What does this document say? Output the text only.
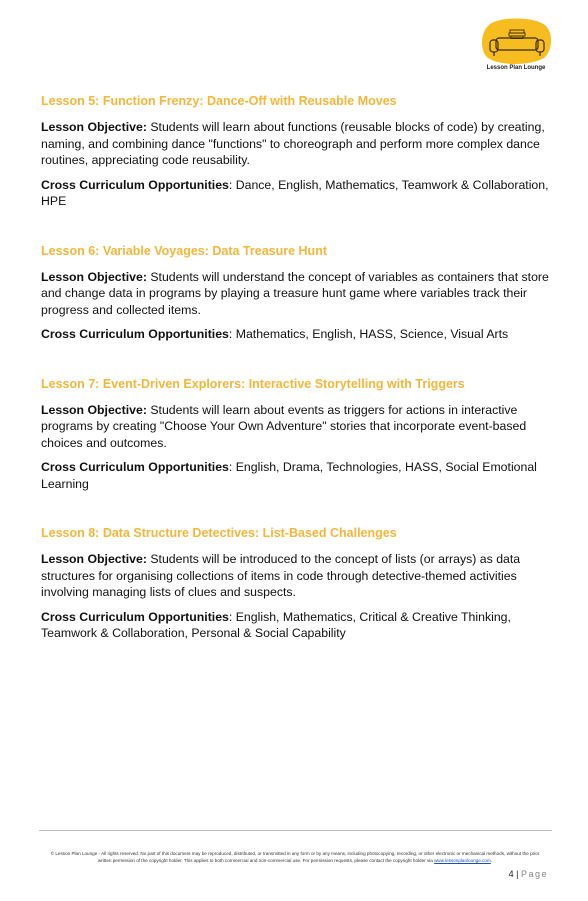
Lesson Plan Lounge
Lesson 5: Function Frenzy: Dance-Off with Reusable Moves

Lesson Objective: Students will learn about functions (reusable blocks of code) by creating, naming, and combining dance "functions" to choreograph and perform more complex dance routines, appreciating code reusability.

Cross Curriculum Opportunities: Dance, English, Mathematics, Teamwork & Collaboration, HPE

Lesson 6: Variable Voyages: Data Treasure Hunt

Lesson Objective: Students will understand the concept of variables as containers that store and change data in programs by playing a treasure hunt game where variables track their progress and collected items.

Cross Curriculum Opportunities: Mathematics, English, HASS, Science, Visual Arts

Lesson 7: Event-Driven Explorers: Interactive Storytelling with Triggers

Lesson Objective: Students will learn about events as triggers for actions in interactive programs by creating "Choose Your Own Adventure" stories that incorporate event-based choices and outcomes.

Cross Curriculum Opportunities: English, Drama, Technologies, HASS, Social Emotional Learning

Lesson 8: Data Structure Detectives: List-Based Challenges

Lesson Objective: Students will be introduced to the concept of lists (or arrays) as data structures for organising collections of items in code through detective-themed activities involving managing lists of clues and suspects.

Cross Curriculum Opportunities: English, Mathematics, Critical & Creative Thinking, Teamwork & Collaboration, Personal & Social Capability

© Lesson Plan Lounge - All rights reserved. No part of this document may be reproduced, distributed, or transmitted in any form or by any means, including photocopying, recording, or other electronic or mechanical methods, without the prior written permission of the copyright holder. This applies to both commercial and non-commercial use. For permission requests, please contact the copyright holder via www.lessonplanlounge.com.
4 | Page
